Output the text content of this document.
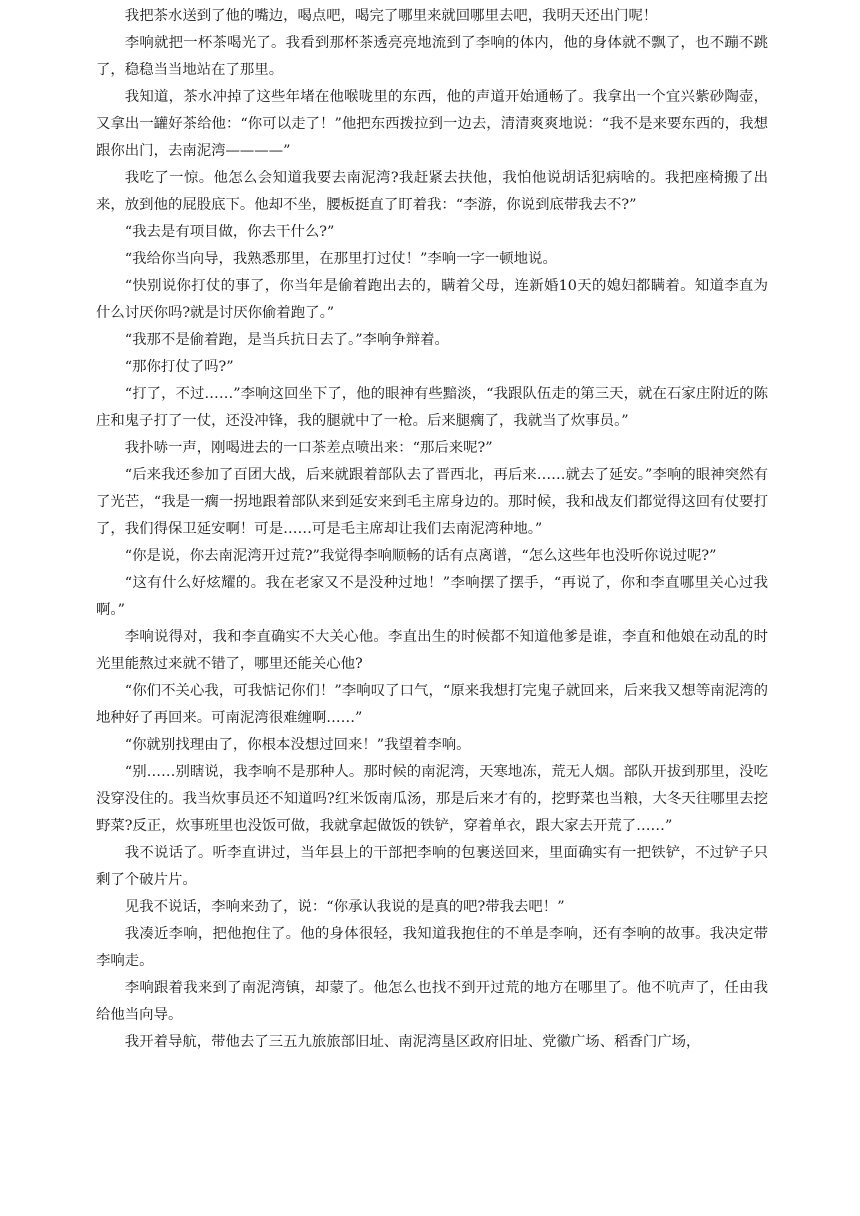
我把茶水送到了他的嘴边，喝点吧，喝完了哪里来就回哪里去吧，我明天还出门呢！

李响就把一杯茶喝光了。我看到那杯茶透亮亮地流到了李响的体内，他的身体就不飘了，也不蹦不跳了，稳稳当当地站在了那里。

我知道，茶水冲掉了这些年堵在他喉咙里的东西，他的声道开始通畅了。我拿出一个宜兴紫砂陶壶，又拿出一罐好茶给他：“你可以走了！”他把东西拨拉到一边去，清清爽爽地说：“我不是来要东西的，我想跟你出门，去南泥湾————”

我吃了一惊。他怎么会知道我要去南泥湾?我赶紧去扶他，我怕他说胡话犯病啥的。我把座椅搬了出来，放到他的屁股底下。他却不坐，腰板挺直了盯着我：“李游，你说到底带我去不?”

“我去是有项目做，你去干什么?”

“我给你当向导，我熟悉那里，在那里打过仗！”李响一字一顿地说。

“快别说你打仗的事了，你当年是偷着跑出去的，瞒着父母，连新婚10天的媳妇都瞒着。知道李直为什么讨厌你吗?就是讨厌你偷着跑了。”

“我那不是偷着跑，是当兵抗日去了。”李响争辩着。

“那你打仗了吗?”

“打了，不过……”李响这回坐下了，他的眼神有些黯淡，“我跟队伍走的第三天，就在石家庄附近的陈庄和鬼子打了一仗，还没冲锋，我的腿就中了一枪。后来腿瘸了，我就当了炊事员。”

我扑哧一声，刚喝进去的一口茶差点喷出来：“那后来呢?”

“后来我还参加了百团大战，后来就跟着部队去了晋西北，再后来……就去了延安。”李响的眼神突然有了光芒，“我是一瘸一拐地跟着部队来到延安来到毛主席身边的。那时候，我和战友们都觉得这回有仗要打了，我们得保卫延安啊！可是……可是毛主席却让我们去南泥湾种地。”

“你是说，你去南泥湾开过荒?”我觉得李响顺畅的话有点离谱，“怎么这些年也没听你说过呢?”

“这有什么好炫耀的。我在老家又不是没种过地！”李响摆了摆手，“再说了，你和李直哪里关心过我啊。”

李响说得对，我和李直确实不大关心他。李直出生的时候都不知道他爹是谁，李直和他娘在动乱的时光里能熬过来就不错了，哪里还能关心他?

“你们不关心我，可我惦记你们！”李响叹了口气，“原来我想打完鬼子就回来，后来我又想等南泥湾的地种好了再回来。可南泥湾很难缠啊……”

“你就别找理由了，你根本没想过回来！”我望着李响。

“别……别瞎说，我李响不是那种人。那时候的南泥湾，天寒地冻，荒无人烟。部队开拔到那里，没吃没穿没住的。我当炊事员还不知道吗?红米饭南瓜汤，那是后来才有的，挖野菜也当粮，大冬天往哪里去挖野菜?反正，炊事班里也没饭可做，我就拿起做饭的铁铲，穿着单衣，跟大家去开荒了……”

我不说话了。听李直讲过，当年县上的干部把李响的包裹送回来，里面确实有一把铁铲，不过铲子只剩了个破片片。

见我不说话，李响来劲了，说：“你承认我说的是真的吧?带我去吧！”

我凑近李响，把他抱住了。他的身体很轻，我知道我抱住的不单是李响，还有李响的故事。我决定带李响走。

李响跟着我来到了南泥湾镇，却蒙了。他怎么也找不到开过荒的地方在哪里了。他不吭声了，任由我给他当向导。

我开着导航，带他去了三五九旅旅部旧址、南泥湾垦区政府旧址、党徽广场、稻香门广场，
